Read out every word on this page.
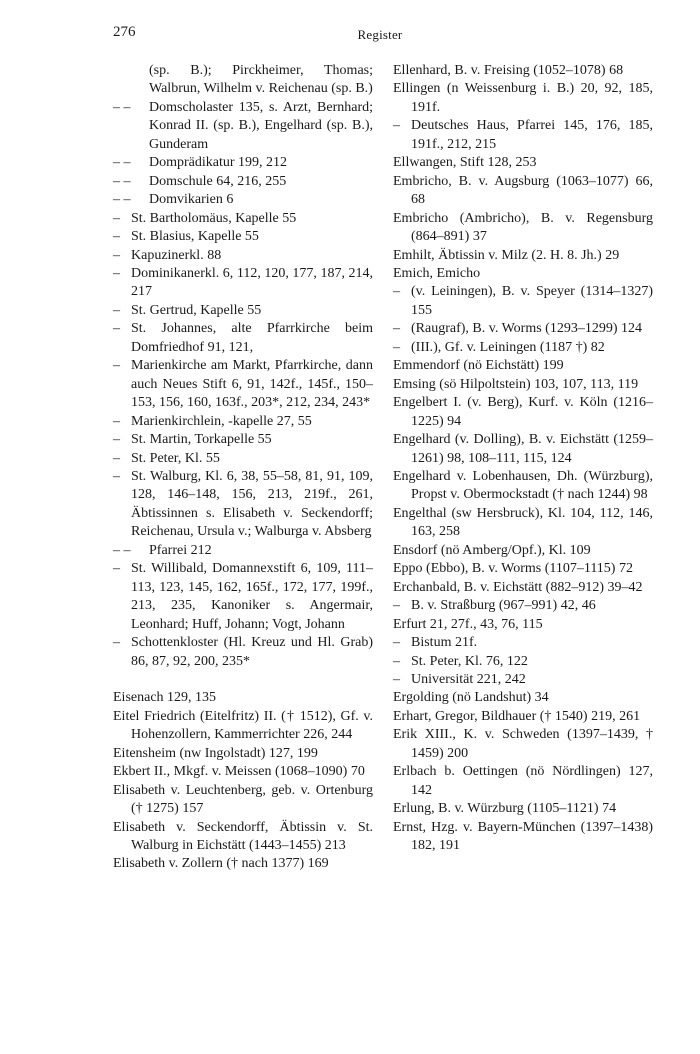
276	Register
(sp. B.); Pirckheimer, Thomas; Walbrun, Wilhelm v. Reichenau (sp. B.)
– – Domscholaster 135, s. Arzt, Bernhard; Konrad II. (sp. B.), Engelhard (sp. B.), Gunderam
– – Domprädikatur 199, 212
– – Domschule 64, 216, 255
– – Domvikarien 6
– St. Bartholomäus, Kapelle 55
– St. Blasius, Kapelle 55
– Kapuzinerkl. 88
– Dominikanerkl. 6, 112, 120, 177, 187, 214, 217
– St. Gertrud, Kapelle 55
– St. Johannes, alte Pfarrkirche beim Domfriedhof 91, 121,
– Marienkirche am Markt, Pfarrkirche, dann auch Neues Stift 6, 91, 142f., 145f., 150–153, 156, 160, 163f., 203*, 212, 234, 243*
– Marienkirchlein, -kapelle 27, 55
– St. Martin, Torkapelle 55
– St. Peter, Kl. 55
– St. Walburg, Kl. 6, 38, 55–58, 81, 91, 109, 128, 146–148, 156, 213, 219f., 261, Äbtissinnen s. Elisabeth v. Seckendorff; Reichenau, Ursula v.; Walburga v. Absberg
– – Pfarrei 212
– St. Willibald, Domannexstift 6, 109, 111–113, 123, 145, 162, 165f., 172, 177, 199f., 213, 235, Kanoniker s. Angermair, Leonhard; Huff, Johann; Vogt, Johann
– Schottenkloster (Hl. Kreuz und Hl. Grab) 86, 87, 92, 200, 235*
Eisenach 129, 135
Eitel Friedrich (Eitelfritz) II. († 1512), Gf. v. Hohenzollern, Kammerrichter 226, 244
Eitensheim (nw Ingolstadt) 127, 199
Ekbert II., Mkgf. v. Meissen (1068–1090) 70
Elisabeth v. Leuchtenberg, geb. v. Ortenburg († 1275) 157
Elisabeth v. Seckendorff, Äbtissin v. St. Walburg in Eichstätt (1443–1455) 213
Elisabeth v. Zollern († nach 1377) 169
Ellenhard, B. v. Freising (1052–1078) 68
Ellingen (n Weissenburg i. B.) 20, 92, 185, 191f.
– Deutsches Haus, Pfarrei 145, 176, 185, 191f., 212, 215
Ellwangen, Stift 128, 253
Embricho, B. v. Augsburg (1063–1077) 66, 68
Embricho (Ambricho), B. v. Regensburg (864–891) 37
Emhilt, Äbtissin v. Milz (2. H. 8. Jh.) 29
Emich, Emicho
– (v. Leiningen), B. v. Speyer (1314–1327) 155
– (Raugraf), B. v. Worms (1293–1299) 124
– (III.), Gf. v. Leiningen (1187 †) 82
Emmendorf (nö Eichstätt) 199
Emsing (sö Hilpoltstein) 103, 107, 113, 119
Engelbert I. (v. Berg), Kurf. v. Köln (1216–1225) 94
Engelhard (v. Dolling), B. v. Eichstätt (1259–1261) 98, 108–111, 115, 124
Engelhard v. Lobenhausen, Dh. (Würzburg), Propst v. Obermockstadt († nach 1244) 98
Engelthal (sw Hersbruck), Kl. 104, 112, 146, 163, 258
Ensdorf (nö Amberg/Opf.), Kl. 109
Eppo (Ebbo), B. v. Worms (1107–1115) 72
Erchanbald, B. v. Eichstätt (882–912) 39–42
– B. v. Straßburg (967–991) 42, 46
Erfurt 21, 27f., 43, 76, 115
– Bistum 21f.
– St. Peter, Kl. 76, 122
– Universität 221, 242
Ergolding (nö Landshut) 34
Erhart, Gregor, Bildhauer († 1540) 219, 261
Erik XIII., K. v. Schweden (1397–1439, † 1459) 200
Erlbach b. Oettingen (nö Nördlingen) 127, 142
Erlung, B. v. Würzburg (1105–1121) 74
Ernst, Hzg. v. Bayern-München (1397–1438) 182, 191
